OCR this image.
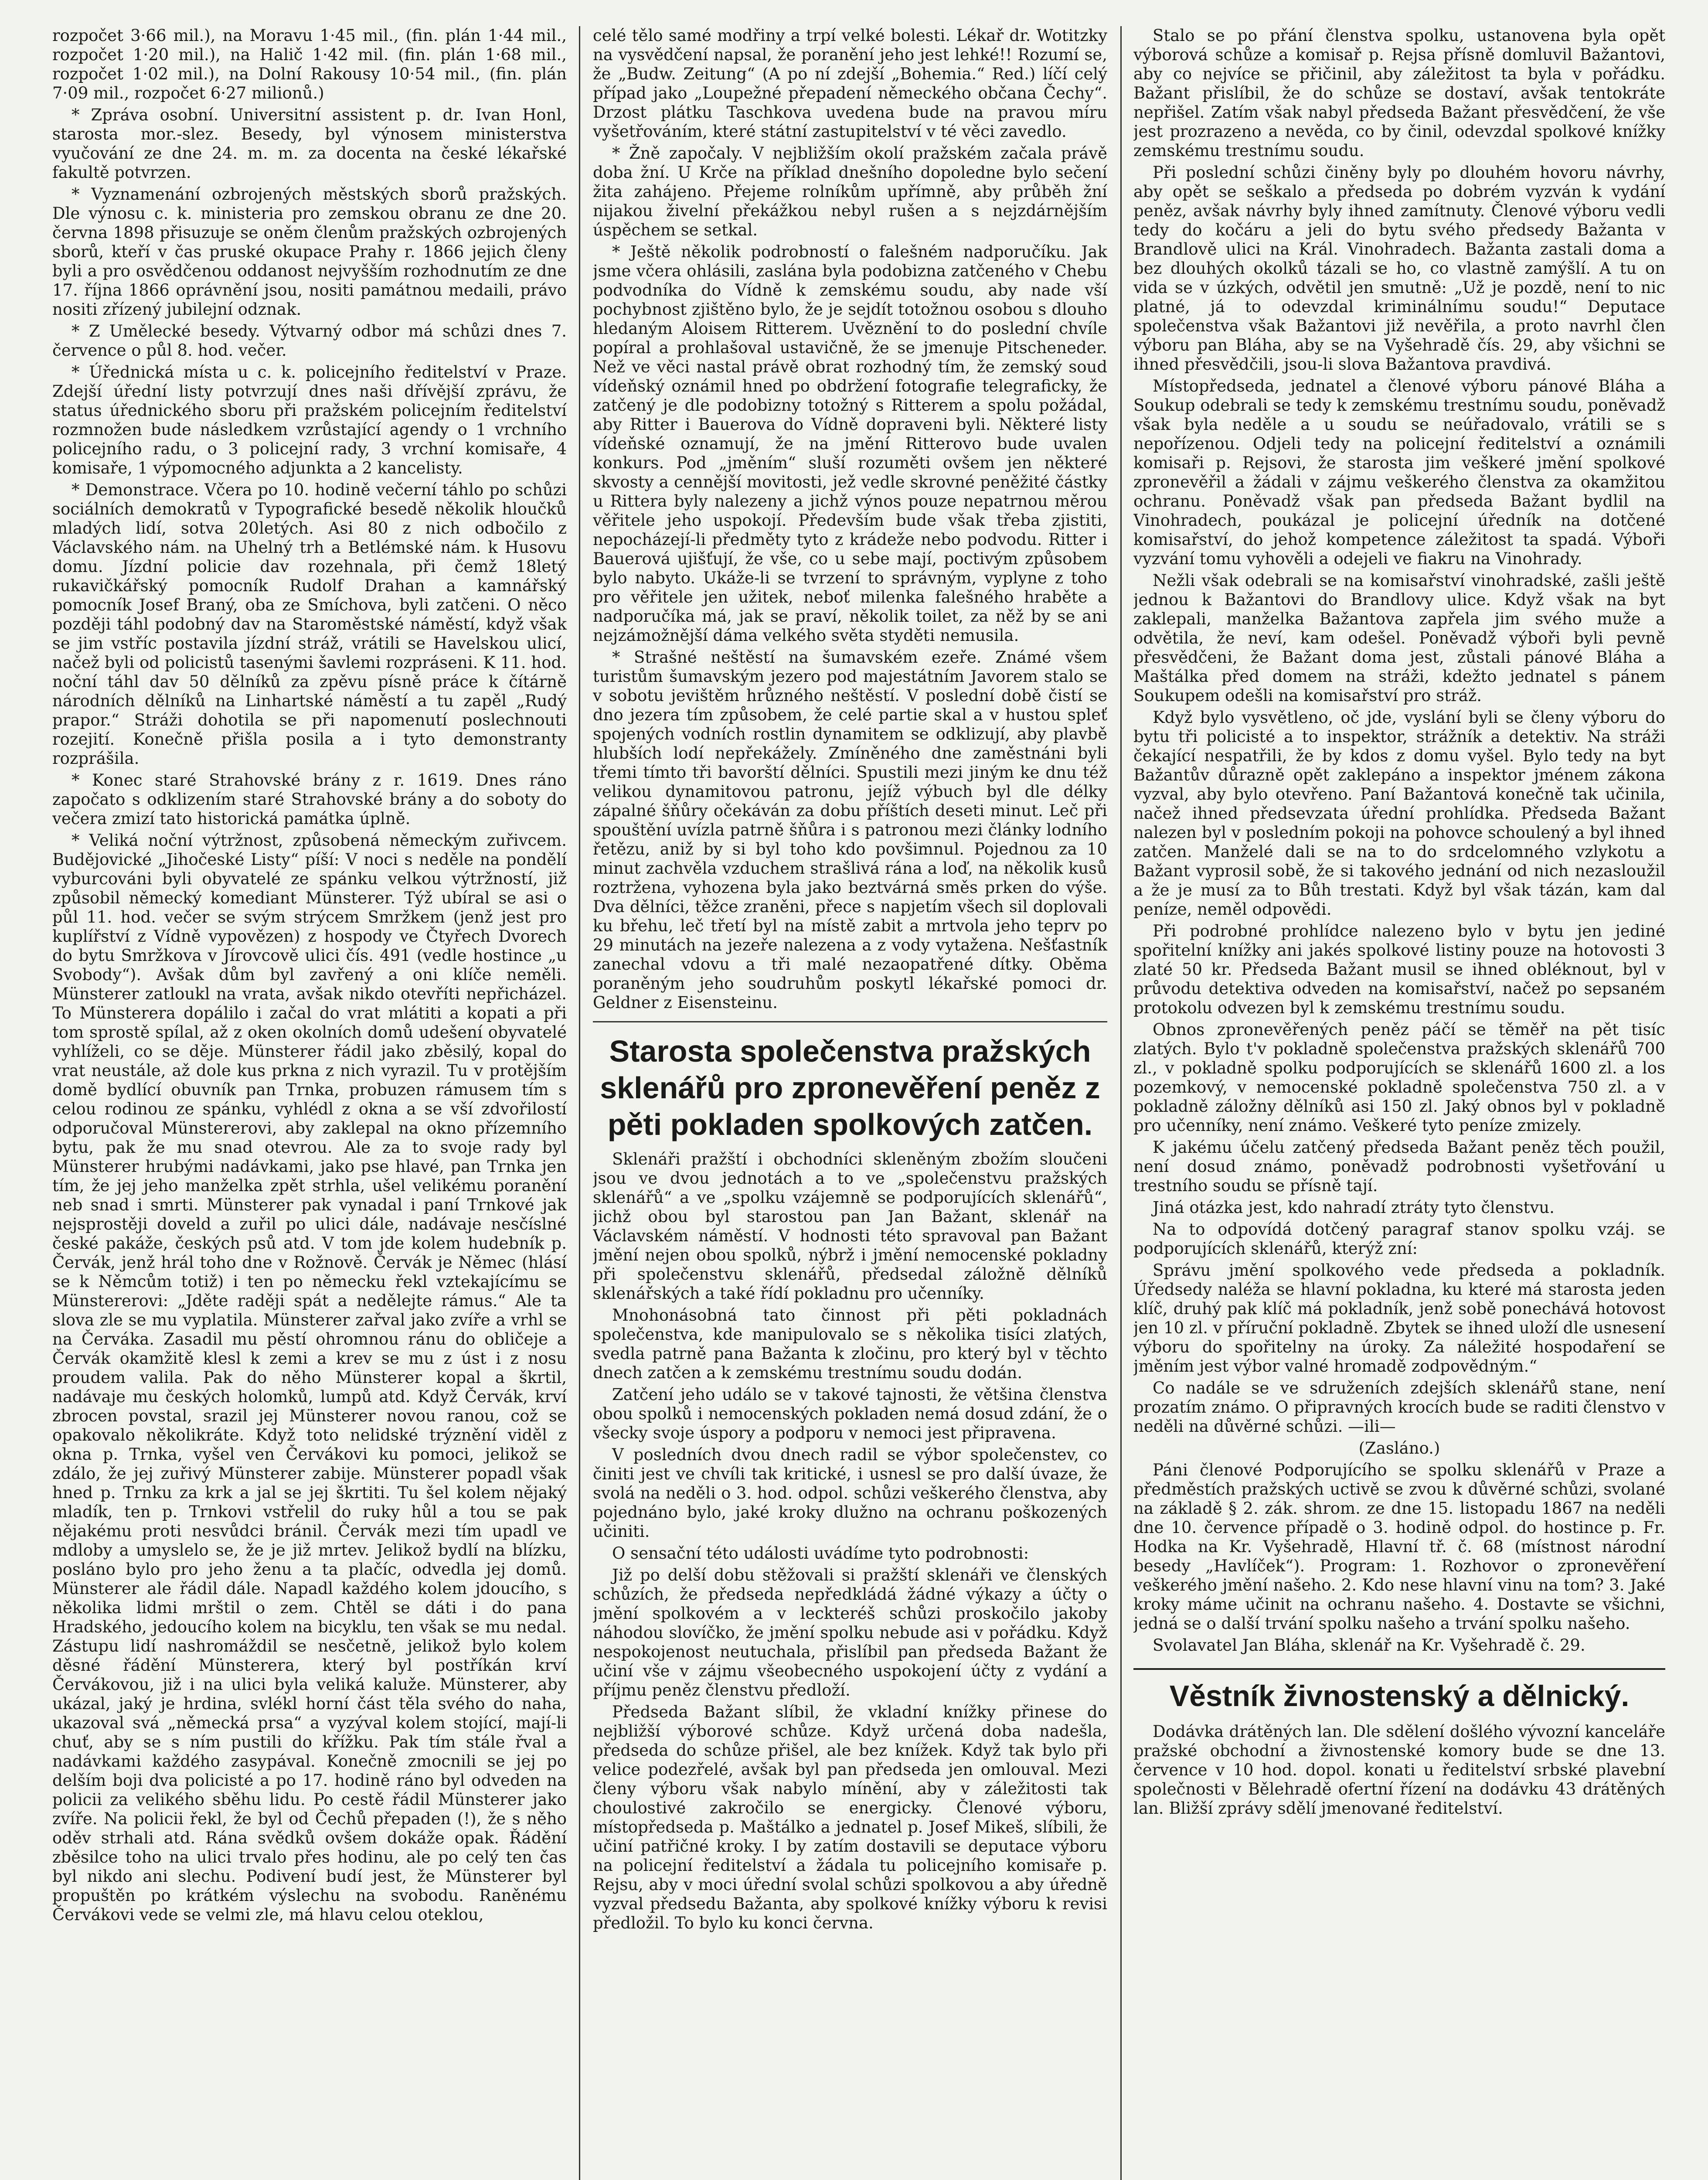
rozpočet 3·66 mil.), na Moravu 1·45 mil., (fin. plán 1·44 mil., rozpočet 1·20 mil.), na Halič 1·42 mil. (fin. plán 1·68 mil., rozpočet 1·02 mil.), na Dolní Rakousy 10·54 mil., (fin. plán 7·09 mil., rozpočet 6·27 milionů.)

* Zpráva osobní. Universitní assistent p. dr. Ivan Honl, starosta mor.-slez. Besedy, byl výnosem ministerstva vyučování ze dne 24. m. m. za docenta na české lékařské fakultě potvrzen.

* Vyznamenání ozbrojených městských sborů pražských. Dle výnosu c. k. ministeria pro zemskou obranu ze dne 20. června 1898 přisuzuje se oněm členům pražských ozbrojených sborů, kteří v čas pruské okupace Prahy r. 1866 jejich členy byli a pro osvědčenou oddanost nejvyšším rozhodnutím ze dne 17. října 1866 oprávnění jsou, nositi památnou medaili, právo nositi zřízený jubilejní odznak.

* Z Umělecké besedy. Výtvarný odbor má schůzi dnes 7. července o půl 8. hod. večer.

* Úřednická místa u c. k. policejního ředitelství v Praze. Zdejší úřední listy potvrzují dnes naši dřívější zprávu, že status úřednického sboru při pražském policejním ředitelství rozmnožen bude následkem vzrůstající agendy o 1 vrchního policejního radu, o 3 policejní rady, 3 vrchní komisaře, 4 komisaře, 1 výpomocného adjunkta a 2 kancelisty.

* Demonstrace. Včera po 10. hodině večerní táhlo po schůzi sociálních demokratů v Typografické besedě několik hloučků mladých lidí, sotva 20letých. Asi 80 z nich odbočilo z Václavského nám. na Uhelný trh a Betlémské nám. k Husovu domu. Jízdní policie dav rozehnala, při čemž 18letý rukavičkářský pomocník Rudolf Drahan a kamnářský pomocník Josef Braný, oba ze Smíchova, byli zatčeni. O něco později táhl podobný dav na Staroměstské náměstí, když však se jim vstříc postavila jízdní stráž, vrátili se Havelskou ulicí, načež byli od policistů tasenými šavlemi rozpráseni. K 11. hod. noční táhl dav 50 dělníků za zpěvu písně práce k čítárně národních dělníků na Linhartské náměstí a tu zapěl „Rudý prapor.“ Stráži dohotila se při napomenutí poslechnouti rozejití. Konečně přišla posila a i tyto demonstranty rozprášila.

* Konec staré Strahovské brány z r. 1619. Dnes ráno započato s odklizením staré Strahovské brány a do soboty do večera zmizí tato historická památka úplně.

* Veliká noční výtržnost, způsobená německým zuřivcem. Budějovické „Jihočeské Listy“ píší: V noci s neděle na pondělí vyburcováni byli obyvatelé ze spánku velkou výtržností, již způsobil německý komediant Münsterer. Týž ubíral se asi o půl 11. hod. večer se svým strýcem Smržkem (jenž jest pro kuplířství z Vídně vypovězen) z hospody ve Čtyřech Dvorech do bytu Smržkova v Jírovcově ulici čís. 491 (vedle hostince „u Svobody“). Avšak dům byl zavřený a oni klíče neměli. Münsterer zatloukl na vrata, avšak nikdo otevříti nepřicházel. To Münsterera dopálilo i začal do vrat mlátiti a kopati a při tom sprostě spílal, až z oken okolních domů udešení obyvatelé vyhlíželi, co se děje. Münsterer řádil jako zběsilý, kopal do vrat neustále, až dole kus prkna z nich vyrazil. Tu v protějším domě bydlící obuvník pan Trnka, probuzen rámusem tím s celou rodinou ze spánku, vyhlédl z okna a se vší zdvořilostí odporučoval Münstererovi, aby zaklepal na okno přízemního bytu, pak že mu snad otevrou. Ale za to svoje rady byl Münsterer hrubými nadávkami, jako pse hlavé, pan Trnka jen tím, že jej jeho manželka zpět strhla, ušel velikému poranění neb snad i smrti. Münsterer pak vynadal i paní Trnkové jak nejsprostěji doveld a zuřil po ulici dále, nadávaje nesčíslné české pakáže, českých psů atd. V tom jde kolem hudebník p. Červák, jenž hrál toho dne v Rožnově. Červák je Němec (hlásí se k Němcům totiž) i ten po německu řekl vztekajícímu se Münstererovi: „Jděte raději spát a nedělejte rámus.“ Ale ta slova zle se mu vyplatila. Münsterer zařval jako zvíře a vrhl se na Červáka. Zasadil mu pěstí ohromnou ránu do obličeje a Červák okamžitě klesl k zemi a krev se mu z úst i z nosu proudem valila. Pak do něho Münsterer kopal a škrtil, nadávaje mu českých holomků, lumpů atd. Když Červák, krví zbrocen povstal, srazil jej Münsterer novou ranou, což se opakovalo několikráte. Když toto nelidské trýznění viděl z okna p. Trnka, vyšel ven Červákovi ku pomoci, jelikož se zdálo, že jej zuřivý Münsterer zabije. Münsterer popadl však hned p. Trnku za krk a jal se jej škrtiti. Tu šel kolem nějaký mladík, ten p. Trnkovi vstřelil do ruky hůl a tou se pak nějakému proti nesvůdci bránil. Červák mezi tím upadl ve mdloby a umyslelo se, že je již mrtev. Jelikož bydlí na blízku, posláno bylo pro jeho ženu a ta plačíc, odvedla jej domů. Münsterer ale řádil dále. Napadl každého kolem jdoucího, s několika lidmi mrštil o zem. Chtěl se dáti i do pana Hradského, jedoucího kolem na bicyklu, ten však se mu nedal. Zástupu lidí nashromáždil se nesčetně, jelikož bylo kolem děsné řádění Münsterera, který byl postříkán krví Červákovou, již i na ulici byla veliká kaluže. Münsterer, aby ukázal, jaký je hrdina, svlékl horní část těla svého do naha, ukazoval svá „německá prsa“ a vyzýval kolem stojící, mají-li chuť, aby se s ním pustili do křížku. Pak tím stále řval a nadávkami každého zasypával. Konečně zmocnili se jej po delším boji dva policisté a po 17. hodině ráno byl odveden na policii za velikého sběhu lidu. Po cestě řádil Münsterer jako zvíře. Na policii řekl, že byl od Čechů přepaden (!), že s něho oděv strhali atd. Rána svědků ovšem dokáže opak. Řádění zběsilce toho na ulici trvalo přes hodinu, ale po celý ten čas byl nikdo ani slechu. Podivení budí jest, že Münsterer byl propuštěn po krátkém výslechu na svobodu. Raněnému Červákovi vede se velmi zle, má hlavu celou oteklou,

celé tělo samé modřiny a trpí velké bolesti. Lékař dr. Wotitzky na vysvědčení napsal, že poranění jeho jest lehké!! Rozumí se, že „Budw. Zeitung“ (A po ní zdejší „Bohemia.“ Red.) líčí celý případ jako „Loupežné přepadení německého občana Čechy“. Drzost plátku Taschkova uvedena bude na pravou míru vyšetřováním, které státní zastupitelství v té věci zavedlo.

* Žně započaly. V nejbližším okolí pražském začala právě doba žní. U Krče na příklad dnešního dopoledne bylo sečení žita zahájeno. Přejeme rolníkům upřímně, aby průběh žní nijakou živelní překážkou nebyl rušen a s nejzdárnějším úspěchem se setkal.

* Ještě několik podrobností o falešném nadporučíku. Jak jsme včera ohlásili, zaslána byla podobizna zatčeného v Chebu podvodníka do Vídně k zemskému soudu, aby nade vší pochybnost zjištěno bylo, že je sejdít totožnou osobou s dlouho hledaným Aloisem Ritterem. Uvěznění to do poslední chvíle popíral a prohlašoval ustavičně, že se jmenuje Pitscheneder. Než ve věci nastal právě obrat rozhodný tím, že zemský soud vídeňský oznámil hned po obdržení fotografie telegraficky, že zatčený je dle podobizny totožný s Ritterem a spolu požádal, aby Ritter i Bauerova do Vídně dopraveni byli. Některé listy vídeňské oznamují, že na jmění Ritterovo bude uvalen konkurs. Pod „jměním“ sluší rozuměti ovšem jen některé skvosty a cennější movitosti, jež vedle skrovné peněžité částky u Rittera byly nalezeny a jichž výnos pouze nepatrnou měrou věřitele jeho uspokojí. Především bude však třeba zjistiti, nepocházejí-li předměty tyto z krádeže nebo podvodu. Ritter i Bauerová ujišťují, že vše, co u sebe mají, poctivým způsobem bylo nabyto. Ukáže-li se tvrzení to správným, vyplyne z toho pro věřitele jen užitek, neboť milenka falešného hraběte a nadporučíka má, jak se praví, několik toilet, za něž by se ani nejzámožnější dáma velkého světa styděti nemusila.

* Strašné neštěstí na šumavském ezeře. Známé všem turistům šumavským jezero pod majestátním Javorem stalo se v sobotu jevištěm hrůzného neštěstí. V poslední době čistí se dno jezera tím způsobem, že celé partie skal a v hustou spleť spojených vodních rostlin dynamitem se odklizují, aby plavbě hlubších lodí nepřekážely. Zmíněného dne zaměstnáni byli třemi tímto tři bavorští dělníci. Spustili mezi jiným ke dnu též velikou dynamitovou patronu, jejíž výbuch byl dle délky zápalné šňůry očekáván za dobu příštích deseti minut. Leč při spouštění uvízla patrně šňůra i s patronou mezi články lodního řetězu, aniž by si byl toho kdo povšimnul. Pojednou za 10 minut zachvěla vzduchem strašlivá rána a loď, na několik kusů roztržena, vyhozena byla jako beztvárná směs prken do výše. Dva dělníci, těžce zraněni, přece s napjetím všech sil doplovali ku břehu, leč třetí byl na místě zabit a mrtvola jeho teprv po 29 minutách na jezeře nalezena a z vody vytažena. Nešťastník zanechal vdovu a tři malé nezaopatřené dítky. Oběma poraněným jeho soudruhům poskytl lékařské pomoci dr. Geldner z Eisensteinu.

Starosta společenstva pražských sklenářů pro zpronevěření peněz z pěti pokladen spolkových zatčen.

Sklenáři pražští i obchodníci skleněným zbožím sloučeni jsou ve dvou jednotách a to ve „společenstvu pražských sklenářů“ a ve „spolku vzájemně se podporujících sklenářů“, jichž obou byl starostou pan Jan Bažant, sklenář na Václavském náměstí. V hodnosti této spravoval pan Bažant jmění nejen obou spolků, nýbrž i jmění nemocenské pokladny při společenstvu sklenářů, předsedal záložně dělníků sklenářských a také řídí pokladnu pro učenníky.

Mnohonásobná tato činnost při pěti pokladnách společenstva, kde manipulovalo se s několika tisíci zlatých, svedla patrně pana Bažanta k zločinu, pro který byl v těchto dnech zatčen a k zemskému trestnímu soudu dodán.

Zatčení jeho událo se v takové tajnosti, že většina členstva obou spolků i nemocenských pokladen nemá dosud zdání, že o všecky svoje úspory a podporu v nemoci jest připravena.

V posledních dvou dnech radil se výbor společenstev, co činiti jest ve chvíli tak kritické, i usnesl se pro další úvaze, že svolá na neděli o 3. hod. odpol. schůzi veškerého členstva, aby pojednáno bylo, jaké kroky dlužno na ochranu poškozených učiniti.

O sensační této události uvádíme tyto podrobnosti:

Již po delší dobu stěžovali si pražští sklenáři ve členských schůzích, že předseda nepředkládá žádné výkazy a účty o jmění spolkovém a v leckteréš schůzi proskočilo jakoby náhodou slovíčko, že jmění spolku nebude asi v pořádku. Když nespokojenost neutuchala, přislíbil pan předseda Bažant že učiní vše v zájmu všeobecného uspokojení účty z vydání a příjmu peněz členstvu předloží.

Předseda Bažant slíbil, že vkladní knížky přinese do nejbližší výborové schůze. Když určená doba nadešla, předseda do schůze přišel, ale bez knížek. Když tak bylo při velice podezřelé, avšak byl pan předseda jen omlouval. Mezi členy výboru však nabylo mínění, aby v záležitosti tak choulostivé zakročilo se energicky. Členové výboru, místopředseda p. Maštálko a jednatel p. Josef Mikeš, slíbili, že učiní patřičné kroky. I by zatím dostavili se deputace výboru na policejní ředitelství a žádala tu policejního komisaře p. Rejsu, aby v moci úřední svolal schůzi spolkovou a aby úředně vyzval předsedu Bažanta, aby spolkové knížky výboru k revisi předložil. To bylo ku konci června.

Stalo se po přání členstva spolku, ustanovena byla opět výborová schůze a komisař p. Rejsa přísně domluvil Bažantovi, aby co nejvíce se přičinil, aby záležitost ta byla v pořádku. Bažant přislíbil, že do schůze se dostaví, avšak tentokráte nepřišel. Zatím však nabyl předseda Bažant přesvědčení, že vše jest prozrazeno a nevěda, co by činil, odevzdal spolkové knížky zemskému trestnímu soudu.

Při poslední schůzi činěny byly po dlouhém hovoru návrhy, aby opět se seškalo a předseda po dobrém vyzván k vydání peněz, avšak návrhy byly ihned zamítnuty. Členové výboru vedli tedy do kočáru a jeli do bytu svého předsedy Bažanta v Brandlově ulici na Král. Vinohradech. Bažanta zastali doma a bez dlouhých okolků tázali se ho, co vlastně zamýšlí. A tu on vida se v úzkých, odvětil jen smutně: „Už je pozdě, není to nic platné, já to odevzdal kriminálnímu soudu!“ Deputace společenstva však Bažantovi již nevěřila, a proto navrhl člen výboru pan Bláha, aby se na Vyšehradě čís. 29, aby všichni se ihned přesvědčili, jsou-li slova Bažantova pravdivá.

Místopředseda, jednatel a členové výboru pánové Bláha a Soukup odebrali se tedy k zemskému trestnímu soudu, poněvadž však byla neděle a u soudu se neúřadovalo, vrátili se s nepořízenou. Odjeli tedy na policejní ředitelství a oznámili komisaři p. Rejsovi, že starosta jim veškeré jmění spolkové zpronevěřil a žádali v zájmu veškerého členstva za okamžitou ochranu. Poněvadž však pan předseda Bažant bydlil na Vinohradech, poukázal je policejní úředník na dotčené komisařství, do jehož kompetence záležitost ta spadá. Výboři vyzvání tomu vyhověli a odejeli ve fiakru na Vinohrady.

Nežli však odebrali se na komisařství vinohradské, zašli ještě jednou k Bažantovi do Brandlovy ulice. Když však na byt zaklepali, manželka Bažantova zapřela jim svého muže a odvětila, že neví, kam odešel. Poněvadž výboři byli pevně přesvědčeni, že Bažant doma jest, zůstali pánové Bláha a Maštálka před domem na stráži, kdežto jednatel s pánem Soukupem odešli na komisařství pro stráž.

Když bylo vysvětleno, oč jde, vyslání byli se členy výboru do bytu tři policisté a to inspektor, strážník a detektiv. Na stráži čekající nespatřili, že by kdos z domu vyšel. Bylo tedy na byt Bažantův důrazně opět zaklepáno a inspektor jménem zákona vyzval, aby bylo otevřeno. Paní Bažantová konečně tak učinila, načež ihned předsevzata úřední prohlídka. Předseda Bažant nalezen byl v posledním pokoji na pohovce schoulený a byl ihned zatčen. Manželé dali se na to do srdcelomného vzlykotu a Bažant vyprosil sobě, že si takového jednání od nich nezasloužil a že je musí za to Bůh trestati. Když byl však tázán, kam dal peníze, neměl odpovědi.

Při podrobné prohlídce nalezeno bylo v bytu jen jediné spořitelní knížky ani jakés spolkové listiny pouze na hotovosti 3 zlaté 50 kr. Předseda Bažant musil se ihned obléknout, byl v průvodu detektiva odveden na komisařství, načež po sepsaném protokolu odvezen byl k zemskému trestnímu soudu.

Obnos zpronevěřených peněz páčí se těměř na pět tisíc zlatých. Bylo t'v pokladně společenstva pražských sklenářů 700 zl., v pokladně spolku podporujících se sklenářů 1600 zl. a los pozemkový, v nemocenské pokladně společenstva 750 zl. a v pokladně záložny dělníků asi 150 zl. Jaký obnos byl v pokladně pro učenníky, není známo. Veškeré tyto peníze zmizely.

K jakému účelu zatčený předseda Bažant peněz těch použil, není dosud známo, poněvadž podrobnosti vyšetřování u trestního soudu se přísně tají.

Jiná otázka jest, kdo nahradí ztráty tyto členstvu.

Na to odpovídá dotčený paragraf stanov spolku vzáj. se podporujících sklenářů, kterýž zní:

Správu jmění spolkového vede předseda a pokladník. Úředsedy naléža se hlavní pokladna, ku které má starosta jeden klíč, druhý pak klíč má pokladník, jenž sobě ponechává hotovost jen 10 zl. v příruční pokladně. Zbytek se ihned uloží dle usnesení výboru do spořitelny na úroky. Za náležité hospodaření se jměním jest výbor valné hromadě zodpovědným.“

Co nadále se ve sdruženích zdejších sklenářů stane, není prozatím známo. O připravných krocích bude se raditi členstvo v neděli na důvěrné schůzi. —ili—

(Zasláno.)

Páni členové Podporujícího se spolku sklenářů v Praze a předměstích pražských uctivě se zvou k důvěrné schůzi, svolané na základě § 2. zák. shrom. ze dne 15. listopadu 1867 na neděli dne 10. července případě o 3. hodině odpol. do hostince p. Fr. Hodka na Kr. Vyšehradě, Hlavní tř. č. 68 (místnost národní besedy „Havlíček“). Program: 1. Rozhovor o zpronevěření veškerého jmění našeho. 2. Kdo nese hlavní vinu na tom? 3. Jaké kroky máme učinit na ochranu našeho. 4. Dostavte se všichni, jedná se o další trvání spolku našeho a trvání spolku našeho.

Svolavatel Jan Bláha, sklenář na Kr. Vyšehradě č. 29.

Věstník živnostenský a dělnický.

Dodávka drátěných lan. Dle sdělení došlého vývozní kanceláře pražské obchodní a živnostenské komory bude se dne 13. července v 10 hod. dopol. konati u ředitelství srbské plavební společnosti v Bělehradě ofertní řízení na dodávku 43 drátěných lan. Bližší zprávy sdělí jmenované ředitelství.
